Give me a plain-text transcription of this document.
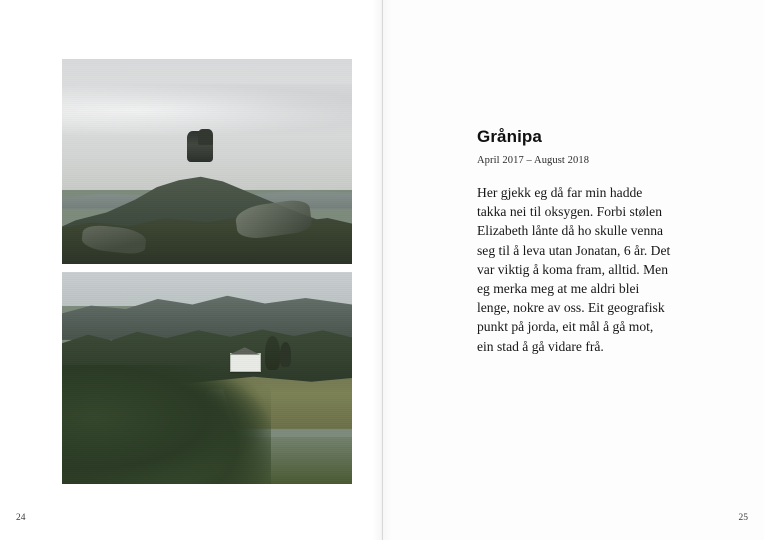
24
Grånipa
April 2017 – August 2018
Her gjekk eg då far min hadde takka nei til oksygen. Forbi stølen Elizabeth lånte då ho skulle venna seg til å leva utan Jonatan, 6 år. Det var viktig å koma fram, alltid. Men eg merka meg at me aldri blei lenge, nokre av oss. Eit geografisk punkt på jorda, eit mål å gå mot, ein stad å gå vidare frå.
25
